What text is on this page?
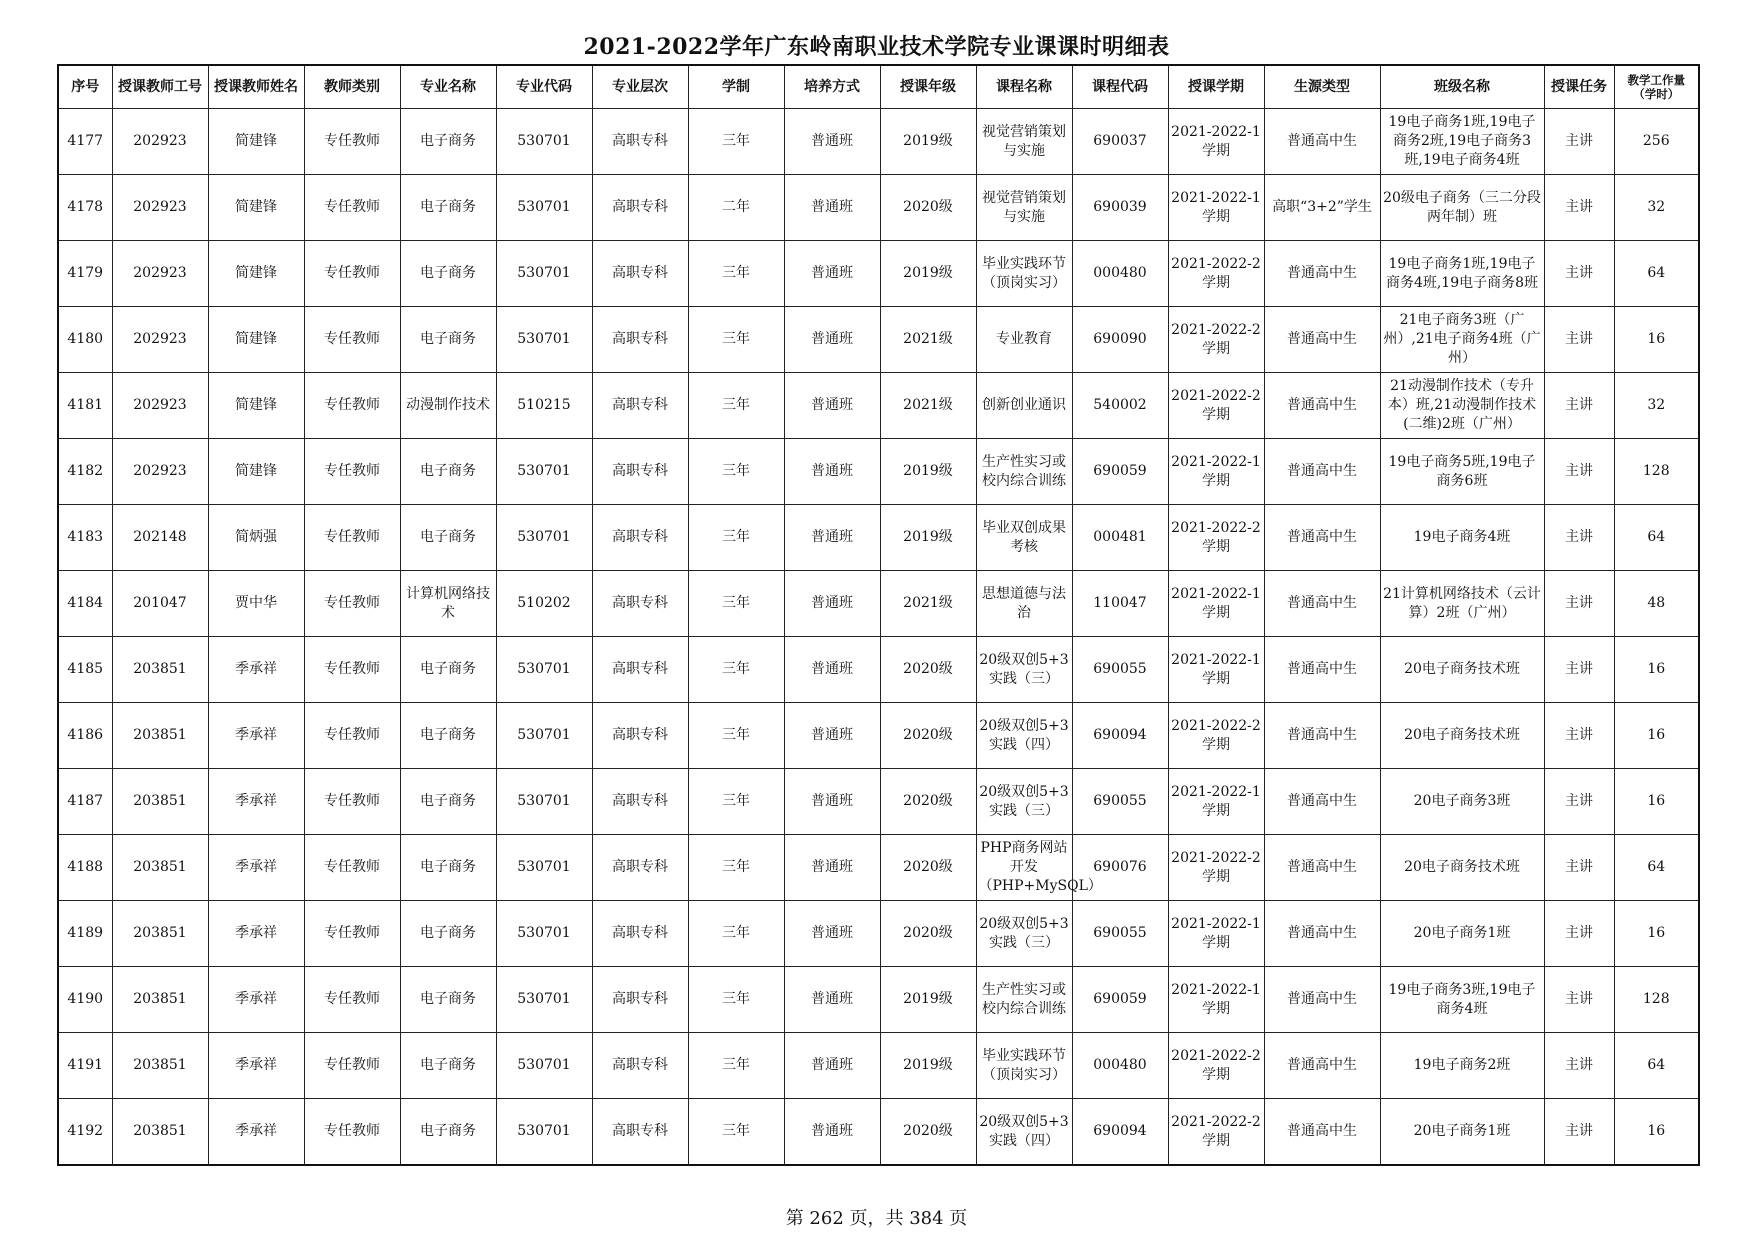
2021-2022学年广东岭南职业技术学院专业课课时明细表
序号	授课教师工号	授课教师姓名	教师类别	专业名称	专业代码	专业层次	学制	培养方式	授课年级	课程名称	课程代码	授课学期	生源类型	班级名称	授课任务	教学工作量（学时）

4177	202923	简建锋	专任教师	电子商务	530701	高职专科	三年	普通班	2019级	视觉营销策划与实施	690037	2021-2022-1学期	普通高中生	19电子商务1班,19电子商务2班,19电子商务3班,19电子商务4班	主讲	256

4178	202923	简建锋	专任教师	电子商务	530701	高职专科	二年	普通班	2020级	视觉营销策划与实施	690039	2021-2022-1学期	高职“3+2”学生	20级电子商务（三二分段两年制）班	主讲	32

4179	202923	简建锋	专任教师	电子商务	530701	高职专科	三年	普通班	2019级	毕业实践环节（顶岗实习）	000480	2021-2022-2学期	普通高中生	19电子商务1班,19电子商务4班,19电子商务8班	主讲	64

4180	202923	简建锋	专任教师	电子商务	530701	高职专科	三年	普通班	2021级	专业教育	690090	2021-2022-2学期	普通高中生	21电子商务3班（广州）,21电子商务4班（广州）	主讲	16

4181	202923	简建锋	专任教师	动漫制作技术	510215	高职专科	三年	普通班	2021级	创新创业通识	540002	2021-2022-2学期	普通高中生	21动漫制作技术（专升本）班,21动漫制作技术(二维)2班（广州）	主讲	32

4182	202923	简建锋	专任教师	电子商务	530701	高职专科	三年	普通班	2019级	生产性实习或校内综合训练	690059	2021-2022-1学期	普通高中生	19电子商务5班,19电子商务6班	主讲	128

4183	202148	简炳强	专任教师	电子商务	530701	高职专科	三年	普通班	2019级	毕业双创成果考核	000481	2021-2022-2学期	普通高中生	19电子商务4班	主讲	64

4184	201047	贾中华	专任教师	计算机网络技术	510202	高职专科	三年	普通班	2021级	思想道德与法治	110047	2021-2022-1学期	普通高中生	21计算机网络技术（云计算）2班（广州）	主讲	48

4185	203851	季承祥	专任教师	电子商务	530701	高职专科	三年	普通班	2020级	20级双创5+3实践（三）	690055	2021-2022-1学期	普通高中生	20电子商务技术班	主讲	16

4186	203851	季承祥	专任教师	电子商务	530701	高职专科	三年	普通班	2020级	20级双创5+3实践（四）	690094	2021-2022-2学期	普通高中生	20电子商务技术班	主讲	16

4187	203851	季承祥	专任教师	电子商务	530701	高职专科	三年	普通班	2020级	20级双创5+3实践（三）	690055	2021-2022-1学期	普通高中生	20电子商务3班	主讲	16

4188	203851	季承祥	专任教师	电子商务	530701	高职专科	三年	普通班	2020级	PHP商务网站开发（PHP+MySQL）	690076	2021-2022-2学期	普通高中生	20电子商务技术班	主讲	64

4189	203851	季承祥	专任教师	电子商务	530701	高职专科	三年	普通班	2020级	20级双创5+3实践（三）	690055	2021-2022-1学期	普通高中生	20电子商务1班	主讲	16

4190	203851	季承祥	专任教师	电子商务	530701	高职专科	三年	普通班	2019级	生产性实习或校内综合训练	690059	2021-2022-1学期	普通高中生	19电子商务3班,19电子商务4班	主讲	128

4191	203851	季承祥	专任教师	电子商务	530701	高职专科	三年	普通班	2019级	毕业实践环节（顶岗实习）	000480	2021-2022-2学期	普通高中生	19电子商务2班	主讲	64

4192	203851	季承祥	专任教师	电子商务	530701	高职专科	三年	普通班	2020级	20级双创5+3实践（四）	690094	2021-2022-2学期	普通高中生	20电子商务1班	主讲	16
第 262 页，共 384 页
